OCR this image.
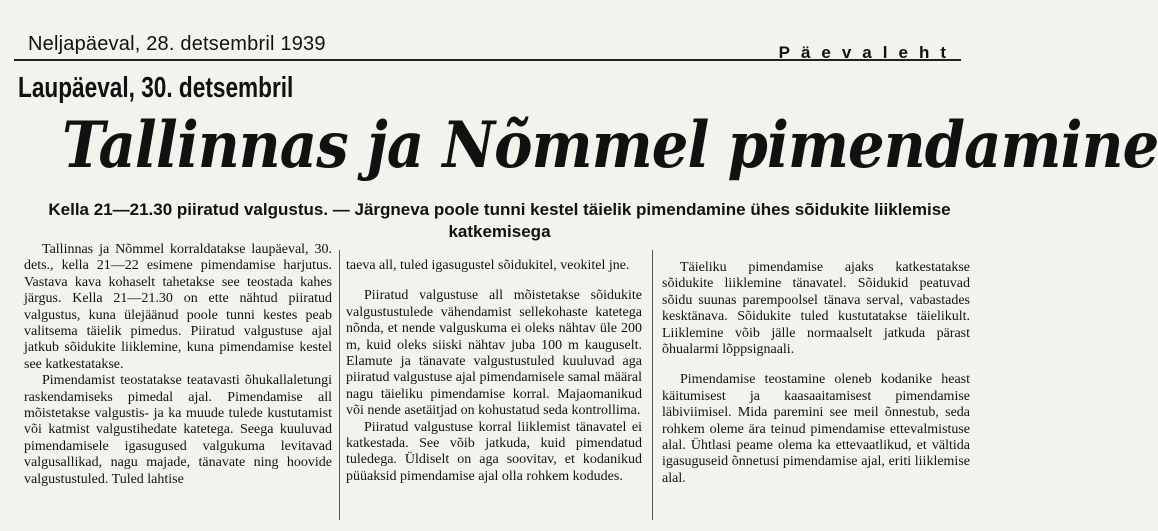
Neljapäeval, 28. detsembril 1939	Päevaleht
Laupäeval, 30. detsembril
Tallinnas ja Nõmmel pimendamine
Kella 21—21.30 piiratud valgustus. — Järgneva poole tunni kestel täielik pimendamine ühes sõidukite liiklemise katkemisega

Tallinnas ja Nõmmel korraldatakse laupäeval, 30. dets., kella 21—22 esimene pimendamise harjutus. Vastava kava kohaselt tahetakse see teostada kahes järgus. Kella 21—21.30 on ette nähtud piiratud valgustus, kuna ülejäänud poole tunni kestes peab valitsema täielik pimedus. Piiratud valgustuse ajal jatkub sõidukite liiklemine, kuna pimendamise kestel see katkestatakse.

Pimendamist teostatakse teatavasti õhukallaletungi raskendamiseks pimedal ajal. Pimendamise all mõistetakse valgustis- ja ka muude tulede kustutamist või katmist valgustihedate katetega. Seega kuuluvad pimendamisele igasugused valgukuma levitavad valgusallikad, nagu majade, tänavate ning hoovide valgustustuled. Tuled lahtise

taeva all, tuled igasugustel sõidukitel, veokitel jne.

Piiratud valgustuse all mõistetakse sõidukite valgustustulede vähendamist sellekohaste katetega nõnda, et nende valguskuma ei oleks nähtav üle 200 m, kuid oleks siiski nähtav juba 100 m kauguselt. Elamute ja tänavate valgustustuled kuuluvad aga piiratud valgustuse ajal pimendamisele samal määral nagu täieliku pimendamise korral. Majaomanikud või nende asetäitjad on kohustatud seda kontrollima.

Piiratud valgustuse korral liiklemist tänavatel ei katkestada. See võib jatkuda, kuid pimendatud tuledega. Üldiselt on aga soovitav, et kodanikud püüaksid pimendamise ajal olla rohkem kodudes.

Täieliku pimendamise ajaks katkestatakse sõidukite liiklemine tänavatel. Sõidukid peatuvad sõidu suunas parempoolsel tänava serval, vabastades kesktänava. Sõidukite tuled kustutatakse täielikult. Liiklemine võib jälle normaalselt jatkuda pärast õhualarmi lõppsignaali.

Pimendamise teostamine oleneb kodanike heast käitumisest ja kaasaaitamisest pimendamise läbiviimisel. Mida paremini see meil õnnestub, seda rohkem oleme ära teinud pimendamise ettevalmistuse alal. Ühtlasi peame olema ka ettevaatlikud, et vältida igasuguseid õnnetusi pimendamise ajal, eriti liiklemise alal.
